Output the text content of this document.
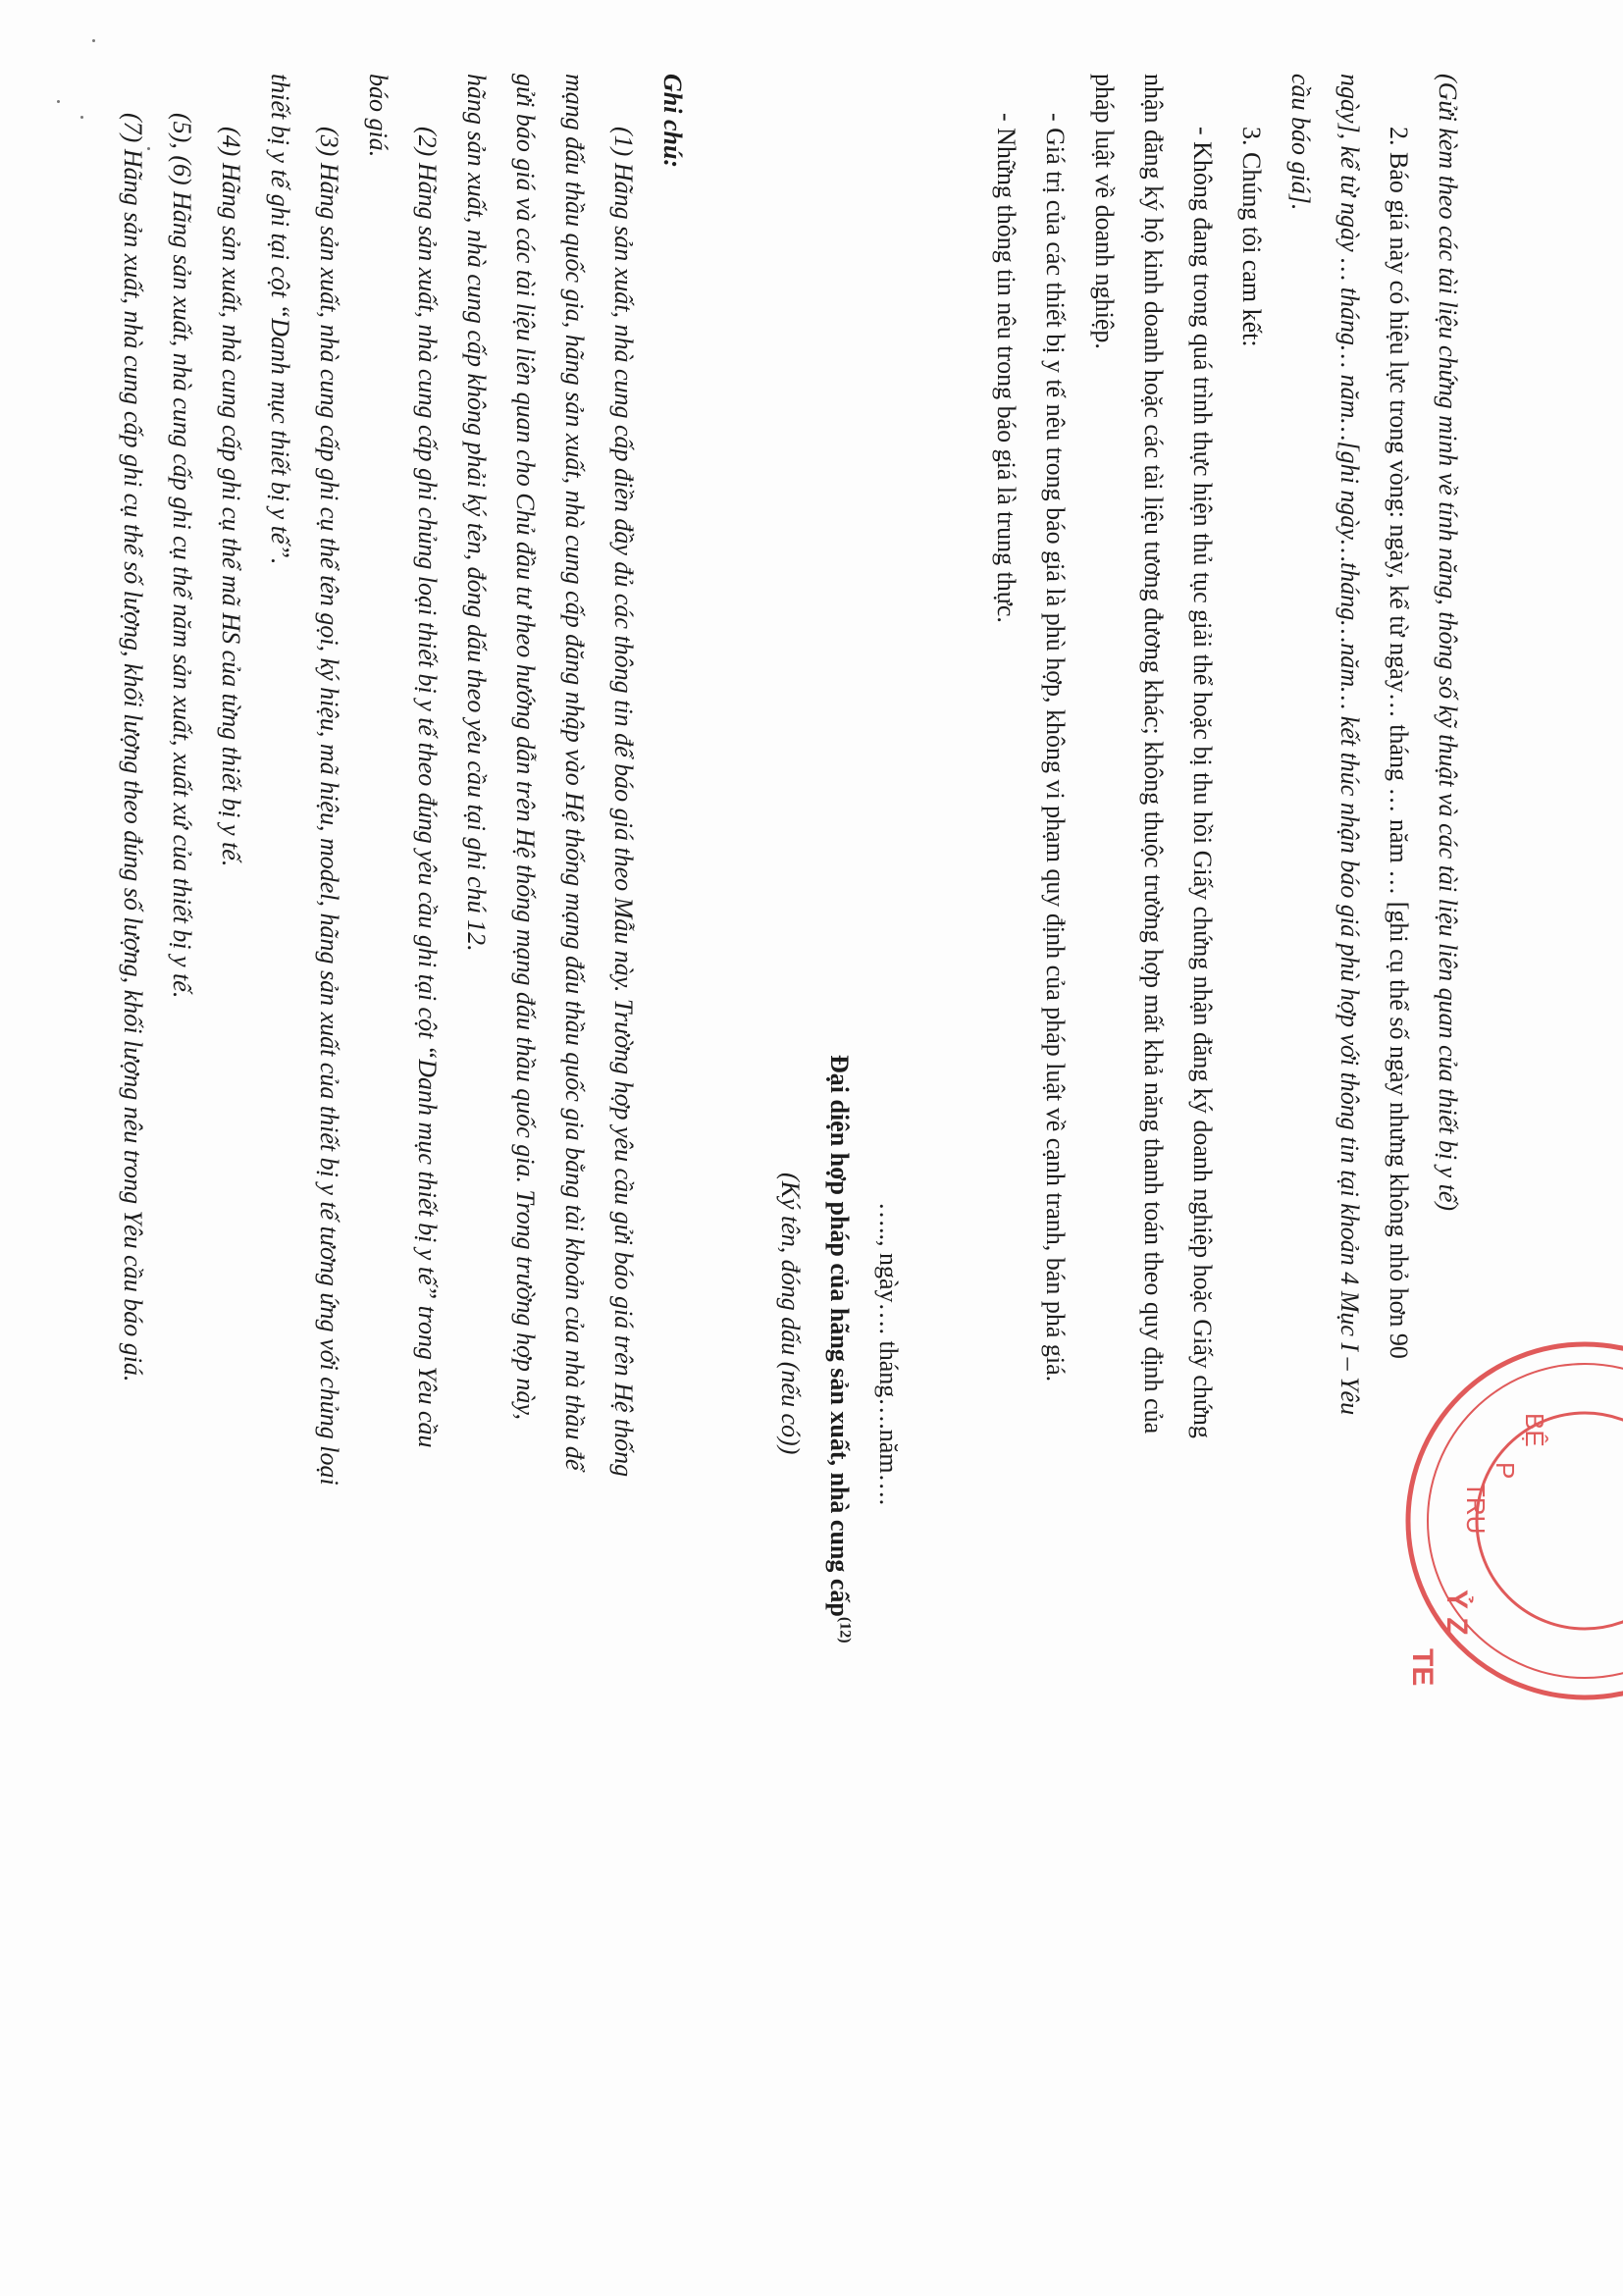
(Gửi kèm theo các tài liệu chứng minh về tính năng, thông số kỹ thuật và các tài liệu liên quan của thiết bị y tế)
2. Báo giá này có hiệu lực trong vòng: ngày, kể từ ngày… tháng … năm … [ghi cụ thể số ngày nhưng không nhỏ hơn 90
ngày], kể từ ngày … tháng… năm…[ghi ngày…tháng…năm… kết thúc nhận báo giá phù hợp với thông tin tại khoản 4 Mục I – Yêu
cầu báo giá].
3. Chúng tôi cam kết:
- Không đang trong quá trình thực hiện thủ tục giải thể hoặc bị thu hồi Giấy chứng nhận đăng ký doanh nghiệp hoặc Giấy chứng
nhận đăng ký hộ kinh doanh hoặc các tài liệu tương đương khác; không thuộc trường hợp mất khả năng thanh toán theo quy định của
pháp luật về doanh nghiệp.
- Giá trị của các thiết bị y tế nêu trong báo giá là phù hợp, không vi phạm quy định của pháp luật về cạnh tranh, bán phá giá.
- Những thông tin nêu trong báo giá là trung thực.
….., ngày…. tháng….năm….
Đại diện hợp pháp của hãng sản xuất, nhà cung cấp$^{(12)}$
(Ký tên, đóng dấu (nếu có))
Ghi chú:
(1) Hãng sản xuất, nhà cung cấp điền đầy đủ các thông tin để báo giá theo Mẫu này. Trường hợp yêu cầu gửi báo giá trên Hệ thống
mạng đấu thầu quốc gia, hãng sản xuất, nhà cung cấp đăng nhập vào Hệ thống mạng đấu thầu quốc gia bằng tài khoản của nhà thầu để
gửi báo giá và các tài liệu liên quan cho Chủ đầu tư theo hướng dẫn trên Hệ thống mạng đấu thầu quốc gia. Trong trường hợp này,
hãng sản xuất, nhà cung cấp không phải ký tên, đóng dấu theo yêu cầu tại ghi chú 12.
(2) Hãng sản xuất, nhà cung cấp ghi chủng loại thiết bị y tế theo đúng yêu cầu ghi tại cột “Danh mục thiết bị y tế” trong Yêu cầu
báo giá.
(3) Hãng sản xuất, nhà cung cấp ghi cụ thể tên gọi, ký hiệu, mã hiệu, model, hãng sản xuất của thiết bị y tế tương ứng với chủng loại
thiết bị y tế ghi tại cột “Danh mục thiết bị y tế”.
(4) Hãng sản xuất, nhà cung cấp ghi cụ thể mã HS của từng thiết bị y tế.
(5), (6) Hãng sản xuất, nhà cung cấp ghi cụ thể năm sản xuất, xuất xứ của thiết bị y tế.
(7) Hãng sản xuất, nhà cung cấp ghi cụ thể số lượng, khối lượng theo đúng số lượng, khối lượng nêu trong Yêu cầu báo giá.
BỆ
P
TRU
Ỷ Z
TE
